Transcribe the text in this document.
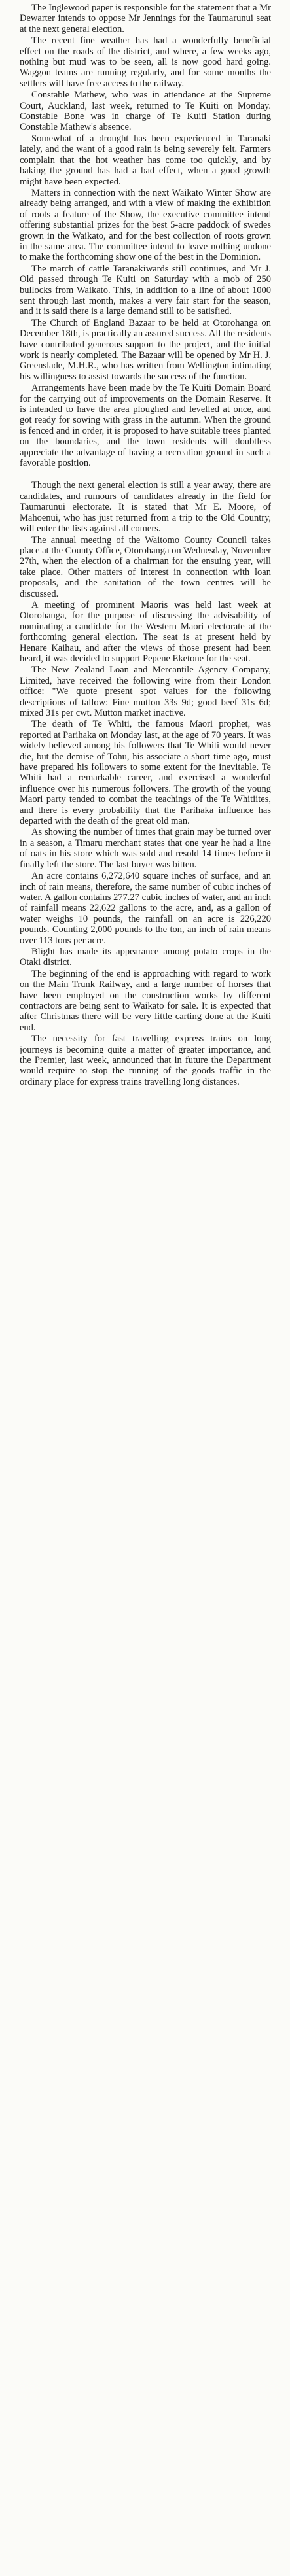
The Inglewood paper is responsible for the statement that a Mr Dewarter intends to oppose Mr Jennings for the Taumarunui seat at the next general election.

The recent fine weather has had a wonderfully beneficial effect on the roads of the district, and where, a few weeks ago, nothing but mud was to be seen, all is now good hard going. Waggon teams are running regularly, and for some months the settlers will have free access to the railway.

Constable Mathew, who was in attendance at the Supreme Court, Auckland, last week, returned to Te Kuiti on Monday. Constable Bone was in charge of Te Kuiti Station during Constable Mathew's absence.

Somewhat of a drought has been experienced in Taranaki lately, and the want of a good rain is being severely felt. Farmers complain that the hot weather has come too quickly, and by baking the ground has had a bad effect, when a good growth might have been expected.

Matters in connection with the next Waikato Winter Show are already being arranged, and with a view of making the exhibition of roots a feature of the Show, the executive committee intend offering substantial prizes for the best 5-acre paddock of swedes grown in the Waikato, and for the best collection of roots grown in the same area. The committee intend to leave nothing undone to make the forthcoming show one of the best in the Dominion.

The march of cattle Taranakiwards still continues, and Mr J. Old passed through Te Kuiti on Saturday with a mob of 250 bullocks from Waikato. This, in addition to a line of about 1000 sent through last month, makes a very fair start for the season, and it is said there is a large demand still to be satisfied.

The Church of England Bazaar to be held at Otorohanga on December 18th, is practically an assured success. All the residents have contributed generous support to the project, and the initial work is nearly completed. The Bazaar will be opened by Mr H. J. Greenslade, M.H.R., who has written from Wellington intimating his willingness to assist towards the success of the function.

Arrangements have been made by the Te Kuiti Domain Board for the carrying out of improvements on the Domain Reserve. It is intended to have the area ploughed and levelled at once, and got ready for sowing with grass in the autumn. When the ground is fenced and in order, it is proposed to have suitable trees planted on the boundaries, and the town residents will doubtless appreciate the advantage of having a recreation ground in such a favorable position.

Though the next general election is still a year away, there are candidates, and rumours of candidates already in the field for Taumarunui electorate. It is stated that Mr E. Moore, of Mahoenui, who has just returned from a trip to the Old Country, will enter the lists against all comers.

The annual meeting of the Waitomo County Council takes place at the County Office, Otorohanga on Wednesday, November 27th, when the election of a chairman for the ensuing year, will take place. Other matters of interest in connection with loan proposals, and the sanitation of the town centres will be discussed.

A meeting of prominent Maoris was held last week at Otorohanga, for the purpose of discussing the advisability of nominating a candidate for the Western Maori electorate at the forthcoming general election. The seat is at present held by Henare Kaihau, and after the views of those present had been heard, it was decided to support Pepene Eketone for the seat.

The New Zealand Loan and Mercantile Agency Company, Limited, have received the following wire from their London office: "We quote present spot values for the following descriptions of tallow: Fine mutton 33s 9d; good beef 31s 6d; mixed 31s per cwt. Mutton market inactive.

The death of Te Whiti, the famous Maori prophet, was reported at Parihaka on Monday last, at the age of 70 years. It was widely believed among his followers that Te Whiti would never die, but the demise of Tohu, his associate a short time ago, must have prepared his followers to some extent for the inevitable. Te Whiti had a remarkable career, and exercised a wonderful influence over his numerous followers. The growth of the young Maori party tended to combat the teachings of the Te Whitiites, and there is every probability that the Parihaka influence has departed with the death of the great old man.

As showing the number of times that grain may be turned over in a season, a Timaru merchant states that one year he had a line of oats in his store which was sold and resold 14 times before it finally left the store. The last buyer was bitten.

An acre contains 6,272,640 square inches of surface, and an inch of rain means, therefore, the same number of cubic inches of water. A gallon contains 277.27 cubic inches of water, and an inch of rainfall means 22,622 gallons to the acre, and, as a gallon of water weighs 10 pounds, the rainfall on an acre is 226,220 pounds. Counting 2,000 pounds to the ton, an inch of rain means over 113 tons per acre.

Blight has made its appearance among potato crops in the Otaki district.

The beginning of the end is approaching with regard to work on the Main Trunk Railway, and a large number of horses that have been employed on the construction works by different contractors are being sent to Waikato for sale. It is expected that after Christmas there will be very little carting done at the Kuiti end.

The necessity for fast travelling express trains on long journeys is becoming quite a matter of greater importance, and the Premier, last week, announced that in future the Department would require to stop the running of the goods traffic in the ordinary place for express trains travelling long distances.
